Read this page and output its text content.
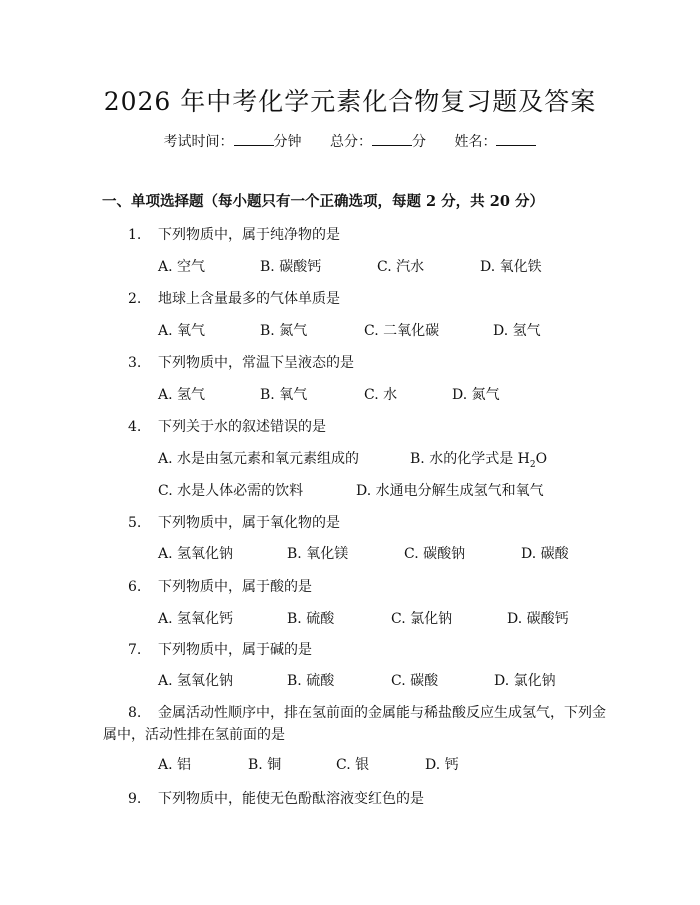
2026 年中考化学元素化合物复习题及答案
考试时间：	分钟 总分：	分 姓名：
一、单项选择题（每小题只有一个正确选项，每题 2 分，共 20 分）
1. 下列物质中，属于纯净物的是
A. 空气	B. 碳酸钙	C. 汽水	D. 氧化铁
2. 地球上含量最多的气体单质是
A. 氧气	B. 氮气	C. 二氧化碳	D. 氢气
3. 下列物质中，常温下呈液态的是
A. 氢气	B. 氧气	C. 水	D. 氮气
4. 下列关于水的叙述错误的是
A. 水是由氢元素和氧元素组成的	B. 水的化学式是 $H_2O$
C. 水是人体必需的饮料	D. 水通电分解生成氢气和氧气
5. 下列物质中，属于氧化物的是
A. 氢氧化钠	B. 氧化镁	C. 碳酸钠	D. 碳酸
6. 下列物质中，属于酸的是
A. 氢氧化钙	B. 硫酸	C. 氯化钠	D. 碳酸钙
7. 下列物质中，属于碱的是
A. 氢氧化钠	B. 硫酸	C. 碳酸	D. 氯化钠
8. 金属活动性顺序中，排在氢前面的金属能与稀盐酸反应生成氢气，下列金
属中，活动性排在氢前面的是
A. 铝	B. 铜	C. 银	D. 钙
9. 下列物质中，能使无色酚酞溶液变红色的是
